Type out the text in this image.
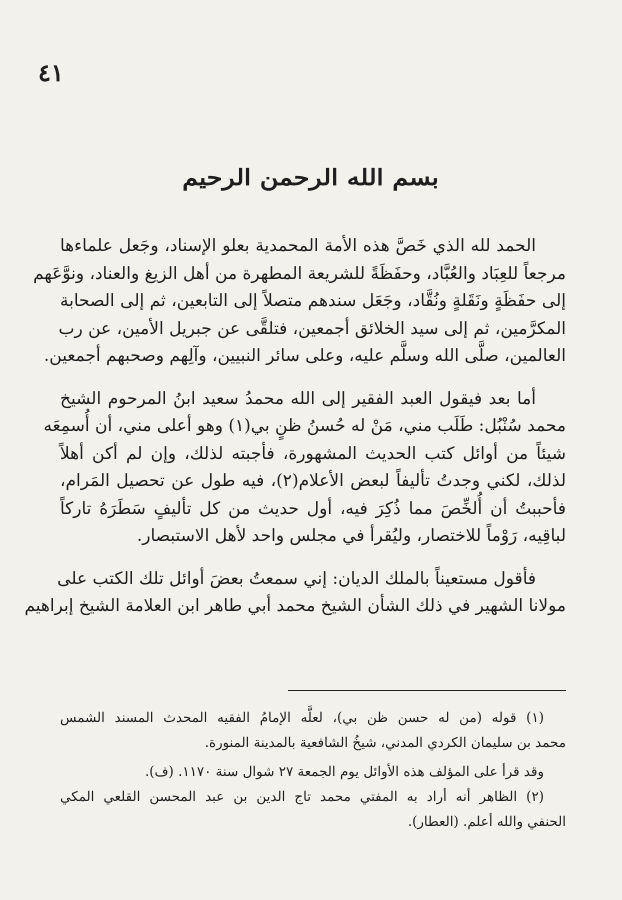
٤١
بسم الله الرحمن الرحيم
الحمد لله الذي خَصَّ هذه الأمة المحمدية بعلو الإسناد، وجَعل علماءها
مرجعاً للعِبَاد والعُبَّاد، وحفَظَةً للشريعة المطهرة من أهل الزيغ والعناد، ونوَّعَهم
إلى حفَظَةٍ ونَقَلةٍ ونُقَّاد، وجَعَل سندهم متصلاً إلى التابعين، ثم إلى الصحابة
المكرَّمين، ثم إلى سيد الخلائق أجمعين، فتلقَّى عن جبريل الأمين، عن رب
العالمين، صلَّى الله وسلَّم عليه، وعلى سائر النبيين، وآلِهم وصحبهم أجمعين.
أما بعد فيقول العبد الفقير إلى الله محمدُ سعيد ابنُ المرحوم الشيخ
محمد سُنْبُل: طَلَب مني، مَنْ له حُسنُ ظنٍ بي(١) وهو أعلى مني، أن أُسمِعَه
شيئاً من أوائل كتب الحديث المشهورة، فأجبته لذلك، وإن لم أكن أهلاً
لذلك، لكني وجدتُ تأليفاً لبعض الأعلام(٢)، فيه طول عن تحصيل المَرام،
فأحببتُ أن أُلخِّصَ مما ذُكِرَ فيه، أول حديث من كل تأليفٍ سَطَرَهُ تاركاً
لباقِيه، رَوْماً للاختصار، وليُقرأ في مجلس واحد لأهل الاستبصار.
فأقول مستعيناً بالملك الديان: إني سمعتُ بعضَ أوائل تلك الكتب على
مولانا الشهير في ذلك الشأن الشيخ محمد أبي طاهر ابن العلامة الشيخ إبراهيم
(١) قوله (من له حسن ظن بي)، لعلَّه الإمامُ الفقيه المحدث المسند الشمس
محمد بن سليمان الكردي المدني، شيخُ الشافعية بالمدينة المنورة.
وقد قرأ على المؤلف هذه الأوائل يوم الجمعة ٢٧ شوال سنة ١١٧٠. (ف).
(٢) الظاهر أنه أراد به المفتي محمد تاج الدين بن عبد المحسن القلعي المكي
الحنفي والله أعلم. (العطار).
